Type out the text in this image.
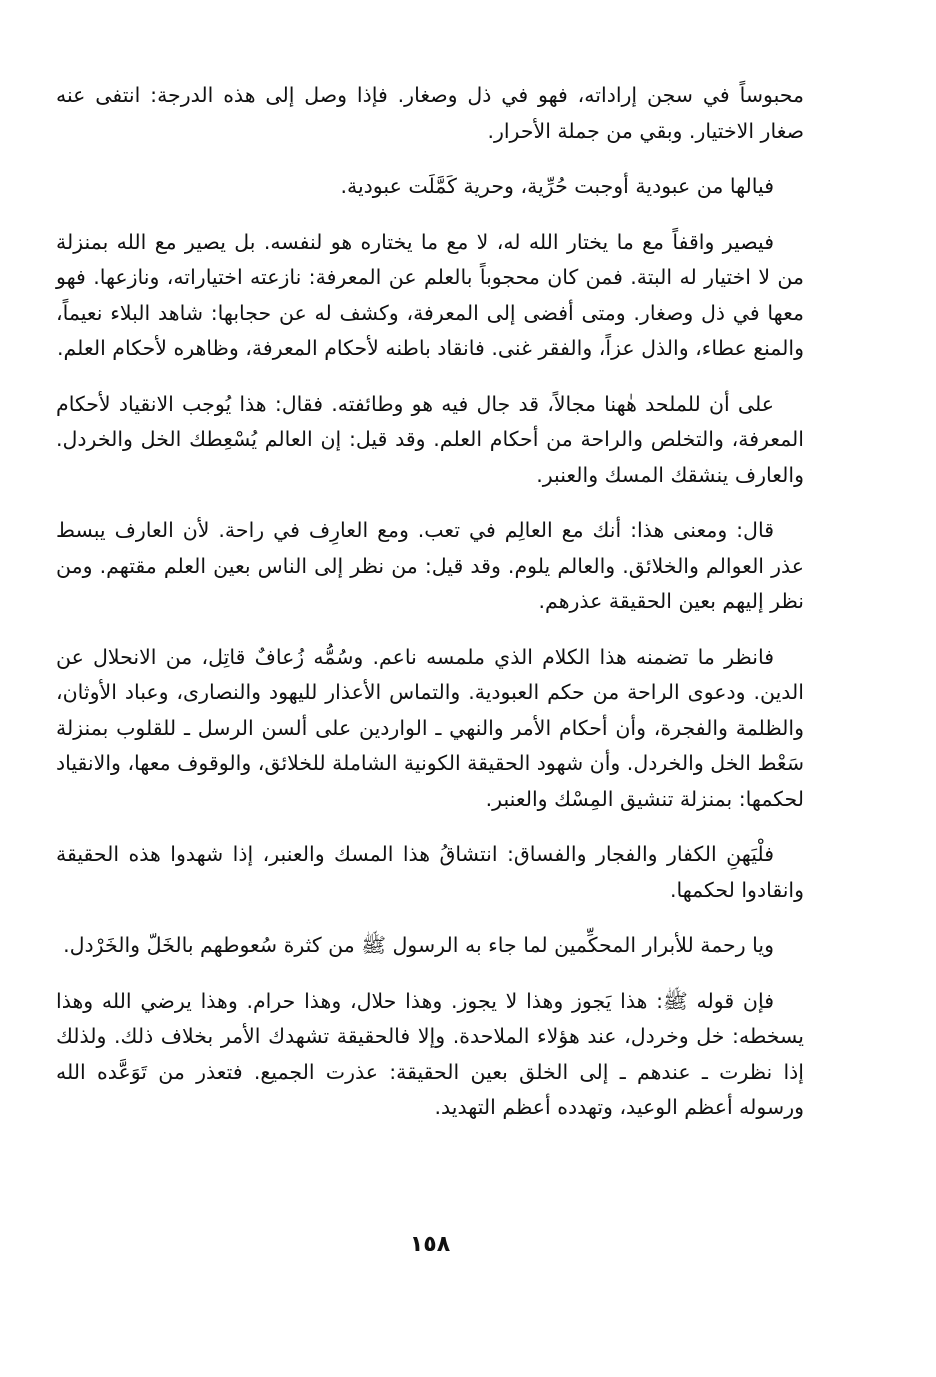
محبوساً في سجن إراداته، فهو في ذل وصغار. فإذا وصل إلى هذه الدرجة: انتفى عنه صغار الاختيار. وبقي من جملة الأحرار.

فيالها من عبودية أوجبت حُرِّية، وحرية كَمَّلَت عبودية.

فيصير واقفاً مع ما يختار الله له، لا مع ما يختاره هو لنفسه. بل يصير مع الله بمنزلة من لا اختيار له البتة. فمن كان محجوباً بالعلم عن المعرفة: نازعته اختياراته، ونازعها. فهو معها في ذل وصغار. ومتى أفضى إلى المعرفة، وكشف له عن حجابها: شاهد البلاء نعيماً، والمنع عطاء، والذل عزاً، والفقر غنى. فانقاد باطنه لأحكام المعرفة، وظاهره لأحكام العلم.

على أن للملحد هٰهنا مجالاً، قد جال فيه هو وطائفته. فقال: هذا يُوجب الانقياد لأحكام المعرفة، والتخلص والراحة من أحكام العلم. وقد قيل: إن العالم يُسْعِطك الخل والخردل. والعارف ينشقك المسك والعنبر.

قال: ومعنى هذا: أنك مع العالِم في تعب. ومع العارِف في راحة. لأن العارف يبسط عذر العوالم والخلائق. والعالم يلوم. وقد قيل: من نظر إلى الناس بعين العلم مقتهم. ومن نظر إليهم بعين الحقيقة عذرهم.

فانظر ما تضمنه هذا الكلام الذي ملمسه ناعم. وسُمُّه زُعافٌ قاتِل، من الانحلال عن الدين. ودعوى الراحة من حكم العبودية. والتماس الأعذار لليهود والنصارى، وعباد الأوثان، والظلمة والفجرة، وأن أحكام الأمر والنهي ـ الواردين على ألسن الرسل ـ للقلوب بمنزلة سَعْط الخل والخردل. وأن شهود الحقيقة الكونية الشاملة للخلائق، والوقوف معها، والانقياد لحكمها: بمنزلة تنشيق المِسْك والعنبر.

فلْيَهنِ الكفار والفجار والفساق: انتشاقُ هذا المسك والعنبر، إذا شهدوا هذه الحقيقة وانقادوا لحكمها.

ويا رحمة للأبرار المحكِّمين لما جاء به الرسول ﷺ من كثرة سُعوطهم بالخَلّ والخَرْدل.

فإن قوله ﷺ: هذا يَجوز وهذا لا يجوز. وهذا حلال، وهذا حرام. وهذا يرضي الله وهذا يسخطه: خل وخردل، عند هؤلاء الملاحدة. وإلا فالحقيقة تشهدك الأمر بخلاف ذلك. ولذلك إذا نظرت ـ عندهم ـ إلى الخلق بعين الحقيقة: عذرت الجميع. فتعذر من تَوَعَّده الله ورسوله أعظم الوعيد، وتهدده أعظم التهديد.

١٥٨
